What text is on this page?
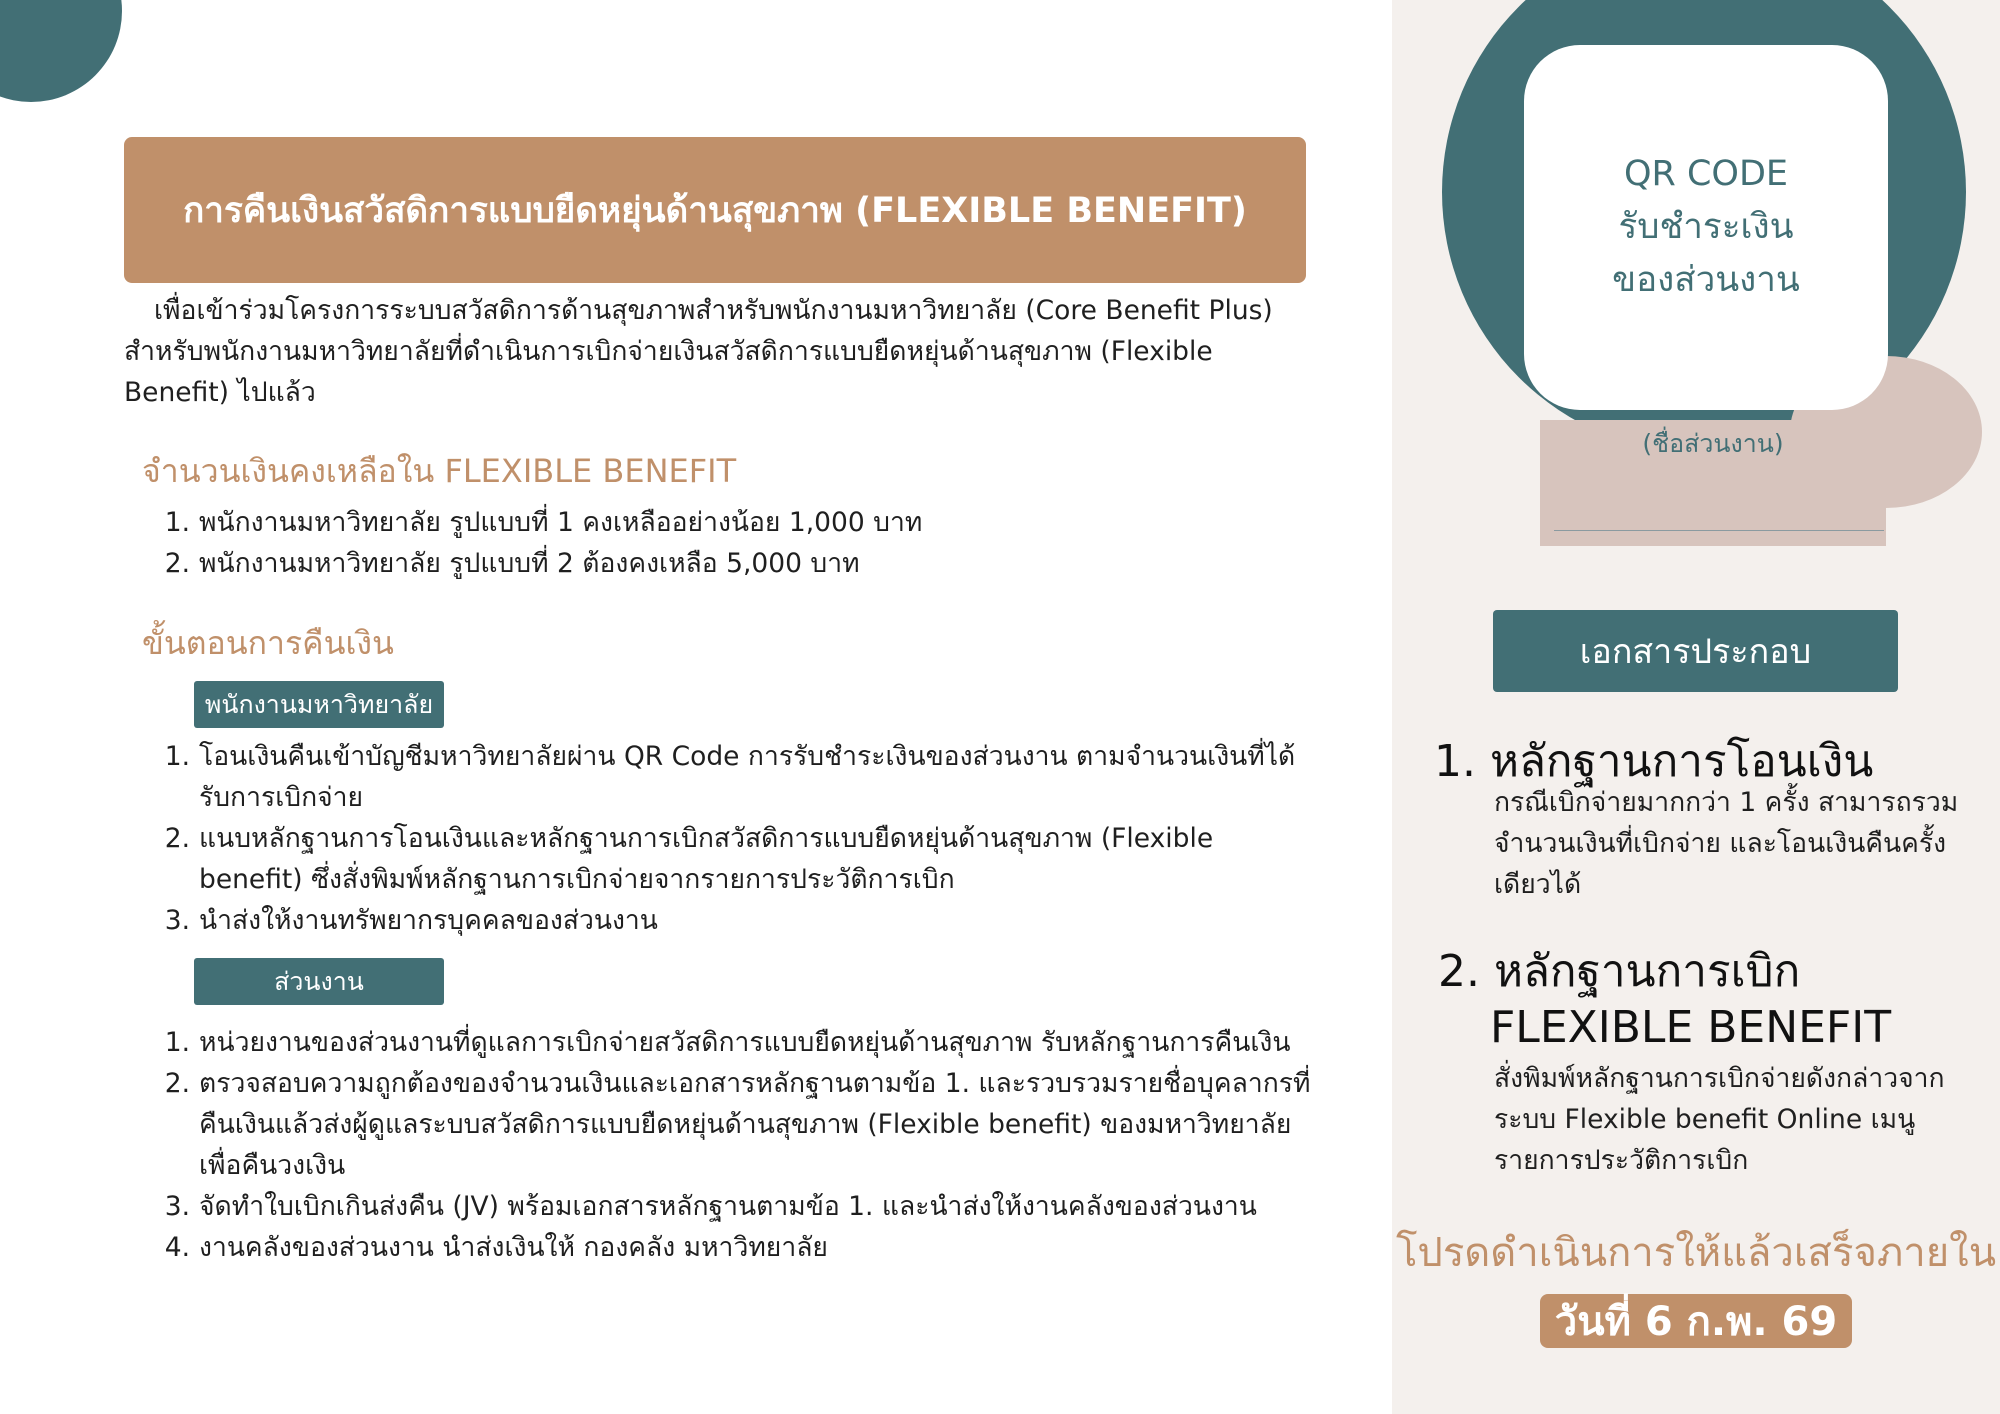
การคืนเงินสวัสดิการแบบยืดหยุ่นด้านสุขภาพ (FLEXIBLE BENEFIT)
เพื่อเข้าร่วมโครงการระบบสวัสดิการด้านสุขภาพสำหรับพนักงานมหาวิทยาลัย (Core Benefit Plus) สำหรับพนักงานมหาวิทยาลัยที่ดำเนินการเบิกจ่ายเงินสวัสดิการแบบยืดหยุ่นด้านสุขภาพ (Flexible Benefit) ไปแล้ว
จำนวนเงินคงเหลือใน FLEXIBLE BENEFIT
1. พนักงานมหาวิทยาลัย รูปแบบที่ 1 คงเหลืออย่างน้อย 1,000 บาท
2. พนักงานมหาวิทยาลัย รูปแบบที่ 2 ต้องคงเหลือ 5,000 บาท
ขั้นตอนการคืนเงิน
พนักงานมหาวิทยาลัย
1. โอนเงินคืนเข้าบัญชีมหาวิทยาลัยผ่าน QR Code การรับชำระเงินของส่วนงาน ตามจำนวนเงินที่ได้รับการเบิกจ่าย
2. แนบหลักฐานการโอนเงินและหลักฐานการเบิกสวัสดิการแบบยืดหยุ่นด้านสุขภาพ (Flexible benefit) ซึ่งสั่งพิมพ์หลักฐานการเบิกจ่ายจากรายการประวัติการเบิก
3. นำส่งให้งานทรัพยากรบุคคลของส่วนงาน
ส่วนงาน
1. หน่วยงานของส่วนงานที่ดูแลการเบิกจ่ายสวัสดิการแบบยืดหยุ่นด้านสุขภาพ รับหลักฐานการคืนเงิน
2. ตรวจสอบความถูกต้องของจำนวนเงินและเอกสารหลักฐานตามข้อ 1. และรวบรวมรายชื่อบุคลากรที่คืนเงินแล้วส่งผู้ดูแลระบบสวัสดิการแบบยืดหยุ่นด้านสุขภาพ (Flexible benefit) ของมหาวิทยาลัย เพื่อคืนวงเงิน
3. จัดทำใบเบิกเกินส่งคืน (JV) พร้อมเอกสารหลักฐานตามข้อ 1. และนำส่งให้งานคลังของส่วนงาน
4. งานคลังของส่วนงาน นำส่งเงินให้ กองคลัง มหาวิทยาลัย
QR CODE
รับชำระเงิน
ของส่วนงาน
(ชื่อส่วนงาน)
เอกสารประกอบ
1. หลักฐานการโอนเงิน
กรณีเบิกจ่ายมากกว่า 1 ครั้ง สามารถรวมจำนวนเงินที่เบิกจ่าย และโอนเงินคืนครั้งเดียวได้
2. หลักฐานการเบิก
FLEXIBLE BENEFIT
สั่งพิมพ์หลักฐานการเบิกจ่ายดังกล่าวจากระบบ Flexible benefit Online เมนูรายการประวัติการเบิก
โปรดดำเนินการให้แล้วเสร็จภายใน
วันที่ 6 ก.พ. 69
